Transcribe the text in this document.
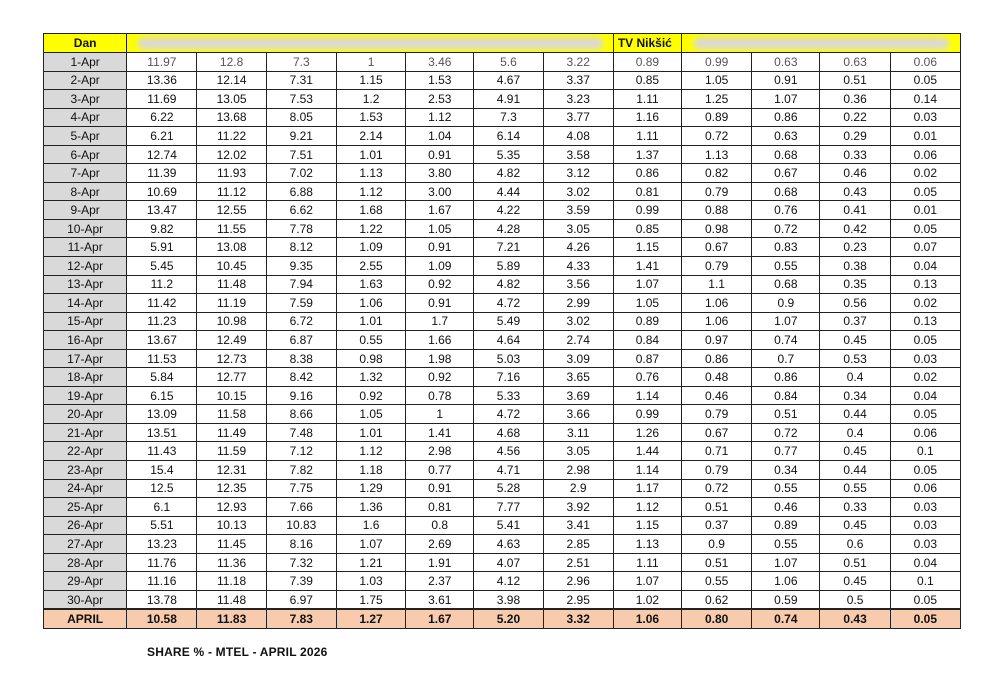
Dan								TV Nikšić				

1-Apr	11.97	12.8	7.3	1	3.46	5.6	3.22	0.89	0.99	0.63	0.63	0.06
2-Apr	13.36	12.14	7.31	1.15	1.53	4.67	3.37	0.85	1.05	0.91	0.51	0.05
3-Apr	11.69	13.05	7.53	1.2	2.53	4.91	3.23	1.11	1.25	1.07	0.36	0.14
4-Apr	6.22	13.68	8.05	1.53	1.12	7.3	3.77	1.16	0.89	0.86	0.22	0.03
5-Apr	6.21	11.22	9.21	2.14	1.04	6.14	4.08	1.11	0.72	0.63	0.29	0.01
6-Apr	12.74	12.02	7.51	1.01	0.91	5.35	3.58	1.37	1.13	0.68	0.33	0.06
7-Apr	11.39	11.93	7.02	1.13	3.80	4.82	3.12	0.86	0.82	0.67	0.46	0.02
8-Apr	10.69	11.12	6.88	1.12	3.00	4.44	3.02	0.81	0.79	0.68	0.43	0.05
9-Apr	13.47	12.55	6.62	1.68	1.67	4.22	3.59	0.99	0.88	0.76	0.41	0.01
10-Apr	9.82	11.55	7.78	1.22	1.05	4.28	3.05	0.85	0.98	0.72	0.42	0.05
11-Apr	5.91	13.08	8.12	1.09	0.91	7.21	4.26	1.15	0.67	0.83	0.23	0.07
12-Apr	5.45	10.45	9.35	2.55	1.09	5.89	4.33	1.41	0.79	0.55	0.38	0.04
13-Apr	11.2	11.48	7.94	1.63	0.92	4.82	3.56	1.07	1.1	0.68	0.35	0.13
14-Apr	11.42	11.19	7.59	1.06	0.91	4.72	2.99	1.05	1.06	0.9	0.56	0.02
15-Apr	11.23	10.98	6.72	1.01	1.7	5.49	3.02	0.89	1.06	1.07	0.37	0.13
16-Apr	13.67	12.49	6.87	0.55	1.66	4.64	2.74	0.84	0.97	0.74	0.45	0.05
17-Apr	11.53	12.73	8.38	0.98	1.98	5.03	3.09	0.87	0.86	0.7	0.53	0.03
18-Apr	5.84	12.77	8.42	1.32	0.92	7.16	3.65	0.76	0.48	0.86	0.4	0.02
19-Apr	6.15	10.15	9.16	0.92	0.78	5.33	3.69	1.14	0.46	0.84	0.34	0.04
20-Apr	13.09	11.58	8.66	1.05	1	4.72	3.66	0.99	0.79	0.51	0.44	0.05
21-Apr	13.51	11.49	7.48	1.01	1.41	4.68	3.11	1.26	0.67	0.72	0.4	0.06
22-Apr	11.43	11.59	7.12	1.12	2.98	4.56	3.05	1.44	0.71	0.77	0.45	0.1
23-Apr	15.4	12.31	7.82	1.18	0.77	4.71	2.98	1.14	0.79	0.34	0.44	0.05
24-Apr	12.5	12.35	7.75	1.29	0.91	5.28	2.9	1.17	0.72	0.55	0.55	0.06
25-Apr	6.1	12.93	7.66	1.36	0.81	7.77	3.92	1.12	0.51	0.46	0.33	0.03
26-Apr	5.51	10.13	10.83	1.6	0.8	5.41	3.41	1.15	0.37	0.89	0.45	0.03
27-Apr	13.23	11.45	8.16	1.07	2.69	4.63	2.85	1.13	0.9	0.55	0.6	0.03
28-Apr	11.76	11.36	7.32	1.21	1.91	4.07	2.51	1.11	0.51	1.07	0.51	0.04
29-Apr	11.16	11.18	7.39	1.03	2.37	4.12	2.96	1.07	0.55	1.06	0.45	0.1
30-Apr	13.78	11.48	6.97	1.75	3.61	3.98	2.95	1.02	0.62	0.59	0.5	0.05
APRIL	10.58	11.83	7.83	1.27	1.67	5.20	3.32	1.06	0.80	0.74	0.43	0.05
SHARE % - MTEL - APRIL 2026
